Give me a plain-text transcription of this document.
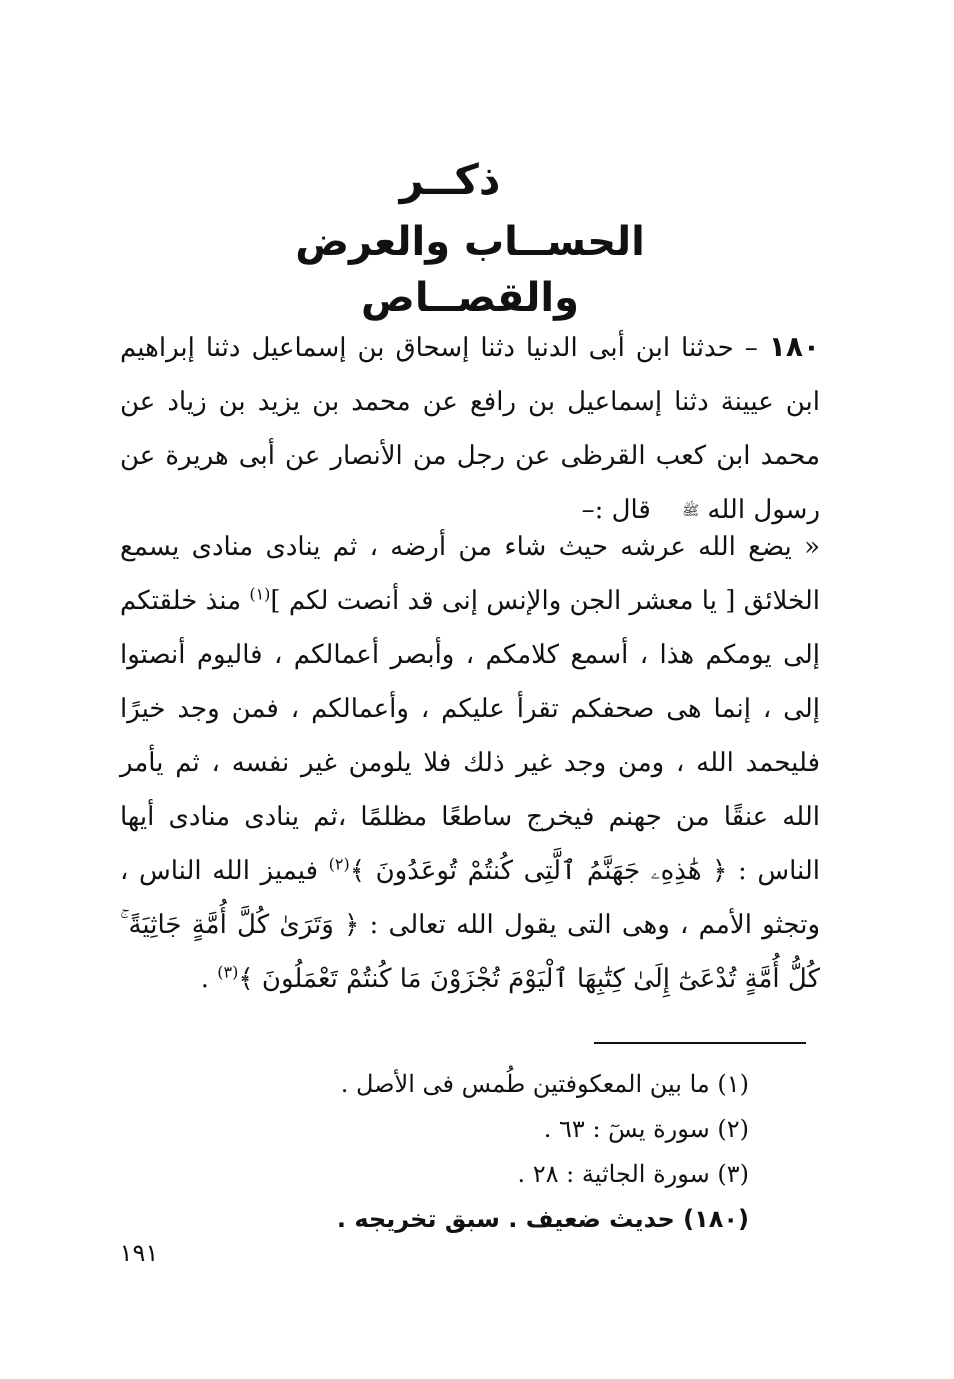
ذكــر
الحســاب والعرض والقصــاص
١٨٠ – حدثنا ابن أبى الدنيا دثنا إسحاق بن إسماعيل دثنا إبراهيم ابن عيينة دثنا إسماعيل بن رافع عن محمد بن يزيد بن زياد عن محمد ابن كعب القرظى عن رجل من الأنصار عن أبى هريرة عن رسول الله ﷺ قال :–
« يضع الله عرشه حيث شاء من أرضه ، ثم ينادى منادى يسمع الخلائق [ يا معشر الجن والإنس إنى قد أنصت لكم ]$^{(١)}$ منذ خلقتكم إلى يومكم هذا ، أسمع كلامكم ، وأبصر أعمالكم ، فاليوم أنصتوا إلى ، إنما هى صحفكم تقرأ عليكم ، وأعمالكم ، فمن وجد خيرًا فليحمد الله ، ومن وجد غير ذلك فلا يلومن غير نفسه ، ثم يأمر الله عنقًا من جهنم فيخرج ساطعًا مظلمًا ،ثم ينادى منادى أيها الناس : ﴿ هَٰذِهِۦ جَهَنَّمُ ٱلَّتِى كُنتُمْ تُوعَدُونَ ﴾$^{(٢)}$ فيميز الله الناس ، وتجثو الأمم ، وهى التى يقول الله تعالى : ﴿ وَتَرَىٰ كُلَّ أُمَّةٍ جَاثِيَةً ۚ كُلُّ أُمَّةٍ تُدْعَىٰٓ إِلَىٰ كِتَٰبِهَا ٱلْيَوْمَ تُجْزَوْنَ مَا كُنتُمْ تَعْمَلُونَ ﴾$^{(٣)}$ .
(١) ما بين المعكوفتين طُمس فى الأصل .
(٢) سورة يسٓ : ٦٣ .
(٣) سورة الجاثية : ٢٨ .
(١٨٠) حديث ضعيف . سبق تخريجه .
١٩١
